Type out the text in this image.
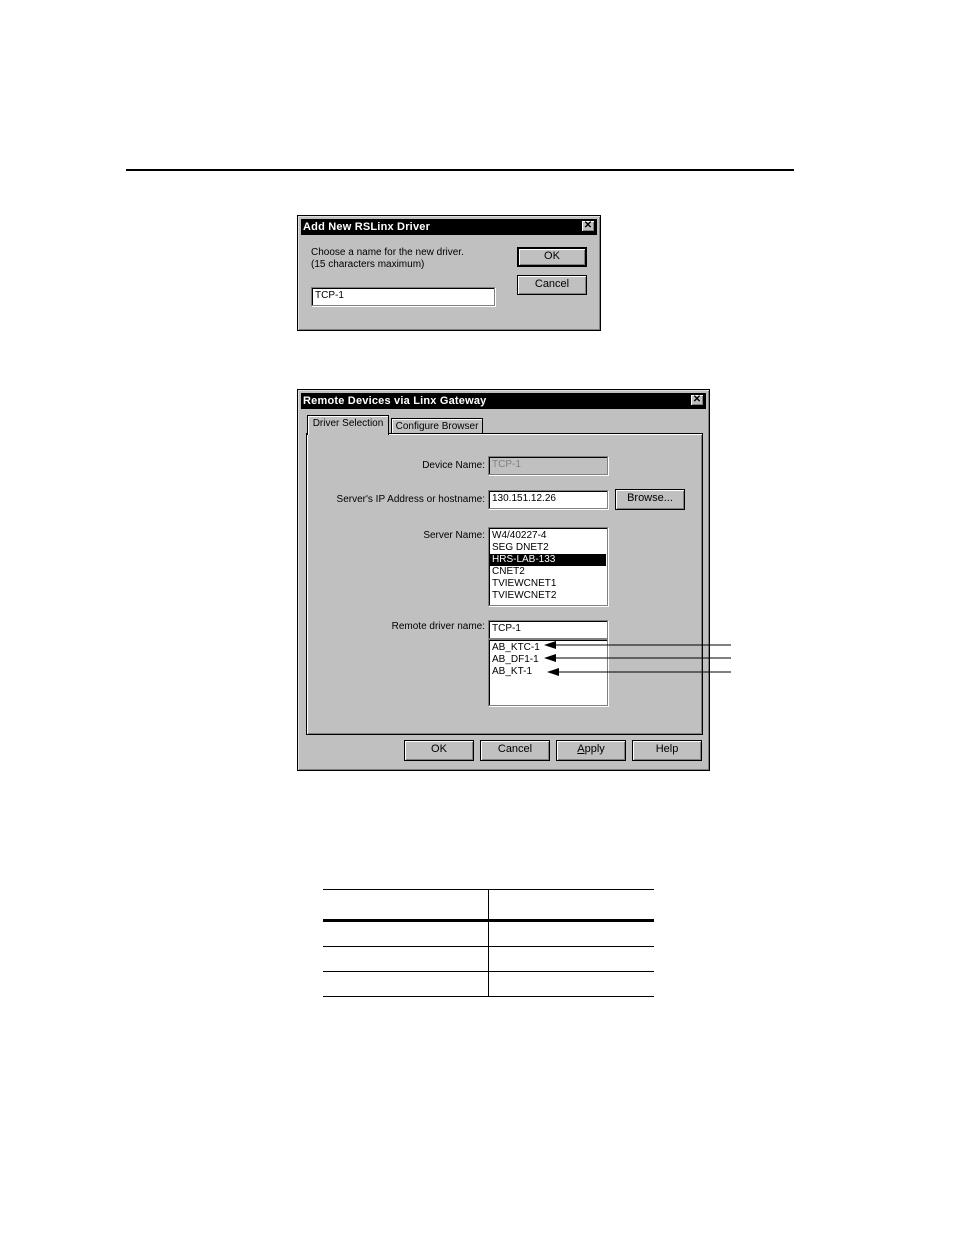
Add New RSLinx Driver	✕
Choose a name for the new driver.
(15 characters maximum)
TCP-1
OK
Cancel
Remote Devices via Linx Gateway	✕
Driver Selection	Configure Browser
Device Name: TCP-1
Server's IP Address or hostname: 130.151.12.26	Browse...
Server Name: W4/40227-4
SEG DNET2
HRS-LAB-133
CNET2
TVIEWCNET1
TVIEWCNET2
Remote driver name: TCP-1
AB_KTC-1
AB_DF1-1
AB_KT-1
OK	Cancel	Apply	Help
